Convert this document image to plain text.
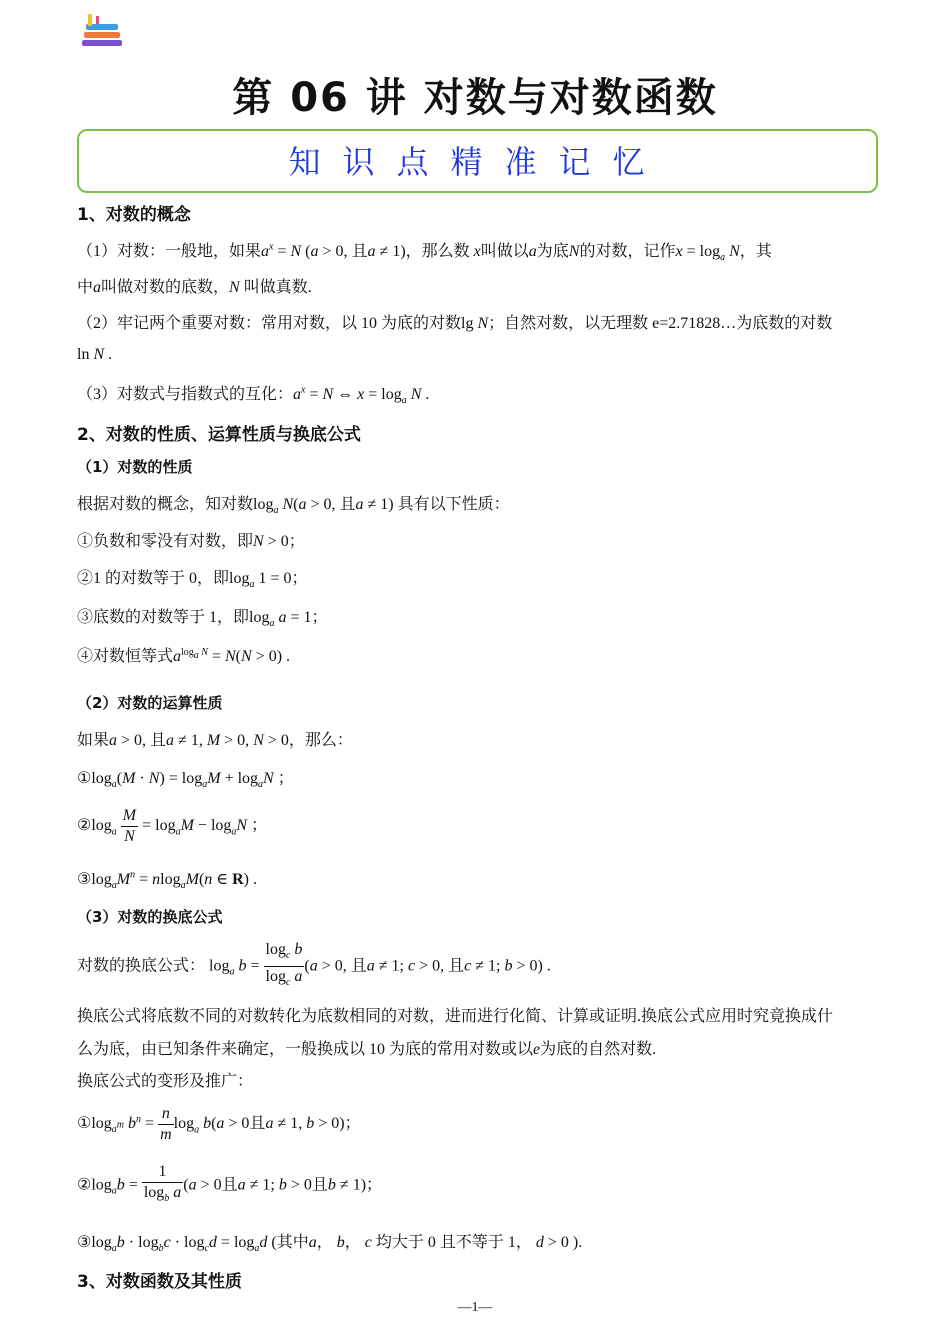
第 06 讲 对数与对数函数
知识点精准记忆
1、对数的概念
（1）对数：一般地，如果$a^x = N$ (a > 0, 且a ≠ 1)，那么数 x叫做以a为底N的对数，记作$x = \log_a N$，其
中a叫做对数的底数，N 叫做真数.
（2）牢记两个重要对数：常用对数，以 10 为底的对数lg N；自然对数，以无理数 e=2.71828…为底数的对数
ln N .
（3）对数式与指数式的互化：$a^x = N$ ⇔ $x = \log_a N$ .
2、对数的性质、运算性质与换底公式
（1）对数的性质
根据对数的概念，知对数$\log_a N(a > 0$, 且a ≠ 1) 具有以下性质：
①负数和零没有对数，即N > 0；
②1 的对数等于 0，即$\log_a 1 = 0$；
③底数的对数等于 1，即$\log_a a = 1$；
④对数恒等式$a^{log_a N} = N(N > 0)$ .
（2）对数的运算性质
如果a > 0, 且a ≠ 1, M > 0, N > 0，那么：
$①\log_a(M \cdot N) = \log_aM + \log_aN$ ；
$②\log_a \frac{M}{N} = \log_aM - \log_aN$ ；
$③\log_aM^n = nlog_aM(n$ ∈ R) .
（3）对数的换底公式
对数的换底公式： $\log_a b = \frac{\log_c b}{\log_c a} (a > 0$, 且a ≠ 1; c > 0, 且c ≠ 1; b > 0) .
换底公式将底数不同的对数转化为底数相同的对数，进而进行化简、计算或证明.换底公式应用时究竟换成什
么为底，由已知条件来确定，一般换成以 10 为底的常用对数或以e为底的自然对数.
换底公式的变形及推广：
$①\log_{a^m}$ $b^n = \frac{n}{m} \log_a b(a > 0$且a ≠ 1, b > 0)；
$②\log_ab = \frac{1}{\log_b a} (a > 0$且a ≠ 1; b > 0且b ≠ 1)；
$③\log_ab \cdot \log_bc \cdot \log_cd = \log_ad$ (其中a， b， c 均大于 0 且不等于 1， d > 0 ).
3、对数函数及其性质
—1—
